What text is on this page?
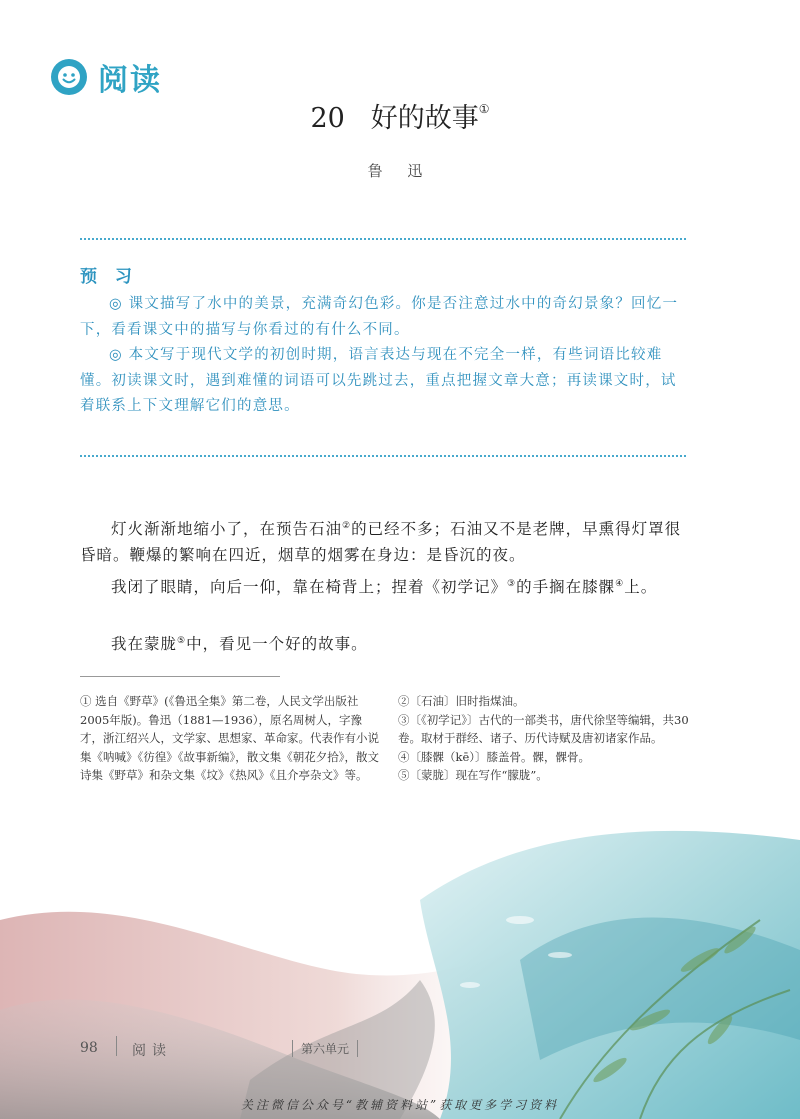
阅读
20 好的故事①
鲁 迅
预 习
◎ 课文描写了水中的美景，充满奇幻色彩。你是否注意过水中的奇幻景象？回忆一下，看看课文中的描写与你看过的有什么不同。
◎ 本文写于现代文学的初创时期，语言表达与现在不完全一样，有些词语比较难懂。初读课文时，遇到难懂的词语可以先跳过去，重点把握文章大意；再读课文时，试着联系上下文理解它们的意思。
灯火渐渐地缩小了，在预告石油②的已经不多；石油又不是老牌，早熏得灯罩很昏暗。鞭爆的繁响在四近，烟草的烟雾在身边：是昏沉的夜。
我闭了眼睛，向后一仰，靠在椅背上；捏着《初学记》③的手搁在膝髁④上。
我在蒙胧⑤中，看见一个好的故事。
① 选自《野草》(《鲁迅全集》第二卷，人民文学出版社2005年版)。鲁迅（1881—1936），原名周树人，字豫才，浙江绍兴人，文学家、思想家、革命家。代表作有小说集《呐喊》《彷徨》《故事新编》，散文集《朝花夕拾》，散文诗集《野草》和杂文集《坟》《热风》《且介亭杂文》等。

②〔石油〕旧时指煤油。

③〔《初学记》〕古代的一部类书，唐代徐坚等编辑，共30卷。取材于群经、诸子、历代诗赋及唐初诸家作品。

④〔膝髁（kē）〕膝盖骨。髁，髁骨。

⑤〔蒙胧〕现在写作“朦胧”。

98 阅读	第六单元
关注微信公众号“教辅资料站”获取更多学习资料
